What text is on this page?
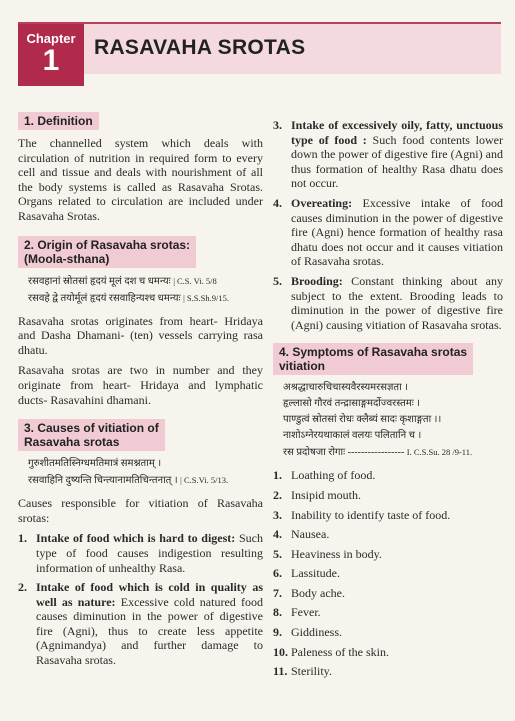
Chapter
1	RASAVAHA SROTAS
1. Definition

The channelled system which deals with circulation of nutrition in required form to every cell and tissue and deals with nourishment of all the body systems is called as Rasavaha Srotas. Organs related to circulation are included under Rasavaha Srotas.

2. Origin of Rasavaha srotas:
(Moola-sthana)
रसवहानां स्रोतसां हृदयं मूलं दश च धमन्यः | C.S. Vi. 5/8
रसवहे द्वे तयोर्मूलं हृदयं रसवाहिन्यश्च धमन्यः | S.S.Sh.9/15.

Rasavaha srotas originates from heart- Hridaya and Dasha Dhamani- (ten) vessels carrying rasa dhatu.

Rasavaha srotas are two in number and they originate from heart- Hridaya and lymphatic ducts- Rasavahini dhamani.

3. Causes of vitiation of
Rasavaha srotas
गुरुशीतमतिस्निग्धमतिमात्रं समश्नताम् ।
रसवाहिनि दुष्यन्ति चिन्त्यानामतिचिन्तनात् । | C.S.Vi. 5/13.

Causes responsible for vitiation of Rasavaha srotas:

1. Intake of food which is hard to digest: Such type of food causes indigestion resulting information of unhealthy Rasa.
2. Intake of food which is cold in quality as well as nature: Excessive cold natured food causes diminution in the power of digestive fire (Agni), thus to create less appetite (Agnimandya) and further damage to Rasavaha srotas.
3. Intake of excessively oily, fatty, unctuous type of food : Such food contents lower down the power of digestive fire (Agni) and thus formation of healthy Rasa dhatu does not occur.
4. Overeating: Excessive intake of food causes diminution in the power of digestive fire (Agni) hence formation of healthy rasa dhatu does not occur and it causes vitiation of Rasavaha srotas.
5. Brooding: Constant thinking about any subject to the extent. Brooding leads to diminution in the power of digestive fire (Agni) causing vitiation of Rasavaha srotas.
4. Symptoms of Rasavaha srotas
vitiation
अश्रद्धाचारुचिचास्यवैरस्यमरसज्ञता ।
हृल्लासो गौरवं तन्द्रासाङ्गमर्दोज्वरस्तमः ।
पाण्डुत्वं स्रोतसां रोधः क्लैब्यं सादः कृशाङ्गता ।।
नाशोऽग्नेरयथाकालं वलयः पलितानि च ।
रस प्रदोषजा रोगाः ----------------- I. C.S.Su. 28 /9-11.
1. Loathing of food.
2. Insipid mouth.
3. Inability to identify taste of food.
4. Nausea.
5. Heaviness in body.
6. Lassitude.
7. Body ache.
8. Fever.
9. Giddiness.
10. Paleness of the skin.
11. Sterility.
